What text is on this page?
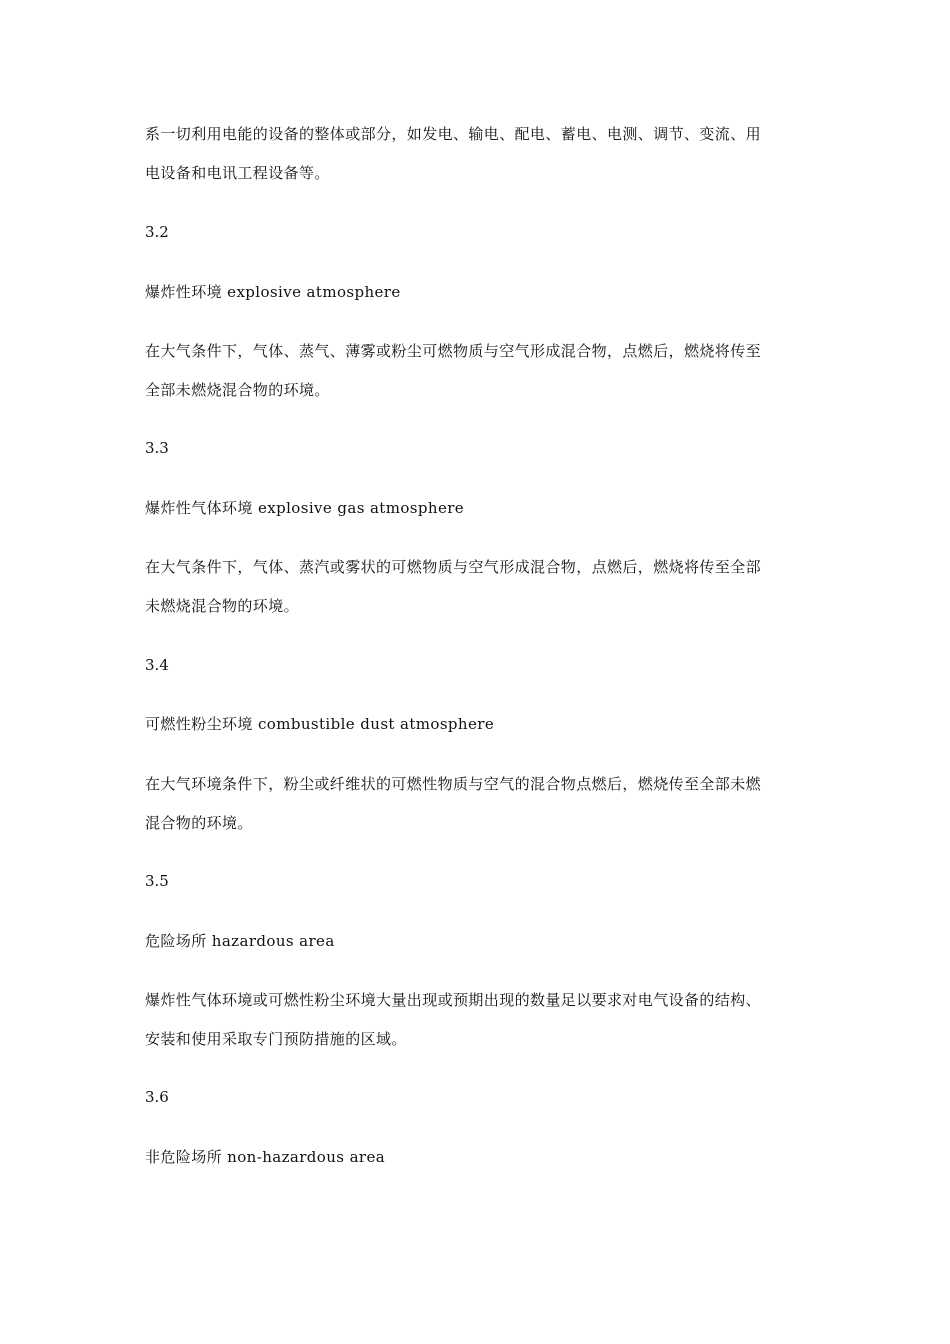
系一切利用电能的设备的整体或部分，如发电、输电、配电、蓄电、电测、调节、变流、用
电设备和电讯工程设备等。
3.2
爆炸性环境 explosive atmosphere
在大气条件下，气体、蒸气、薄雾或粉尘可燃物质与空气形成混合物，点燃后，燃烧将传至
全部未燃烧混合物的环境。
3.3
爆炸性气体环境 explosive gas atmosphere
在大气条件下，气体、蒸汽或雾状的可燃物质与空气形成混合物，点燃后，燃烧将传至全部
未燃烧混合物的环境。
3.4
可燃性粉尘环境 combustible dust atmosphere
在大气环境条件下，粉尘或纤维状的可燃性物质与空气的混合物点燃后，燃烧传至全部未燃
混合物的环境。
3.5
危险场所 hazardous area
爆炸性气体环境或可燃性粉尘环境大量出现或预期出现的数量足以要求对电气设备的结构、
安装和使用采取专门预防措施的区域。
3.6
非危险场所 non-hazardous area
